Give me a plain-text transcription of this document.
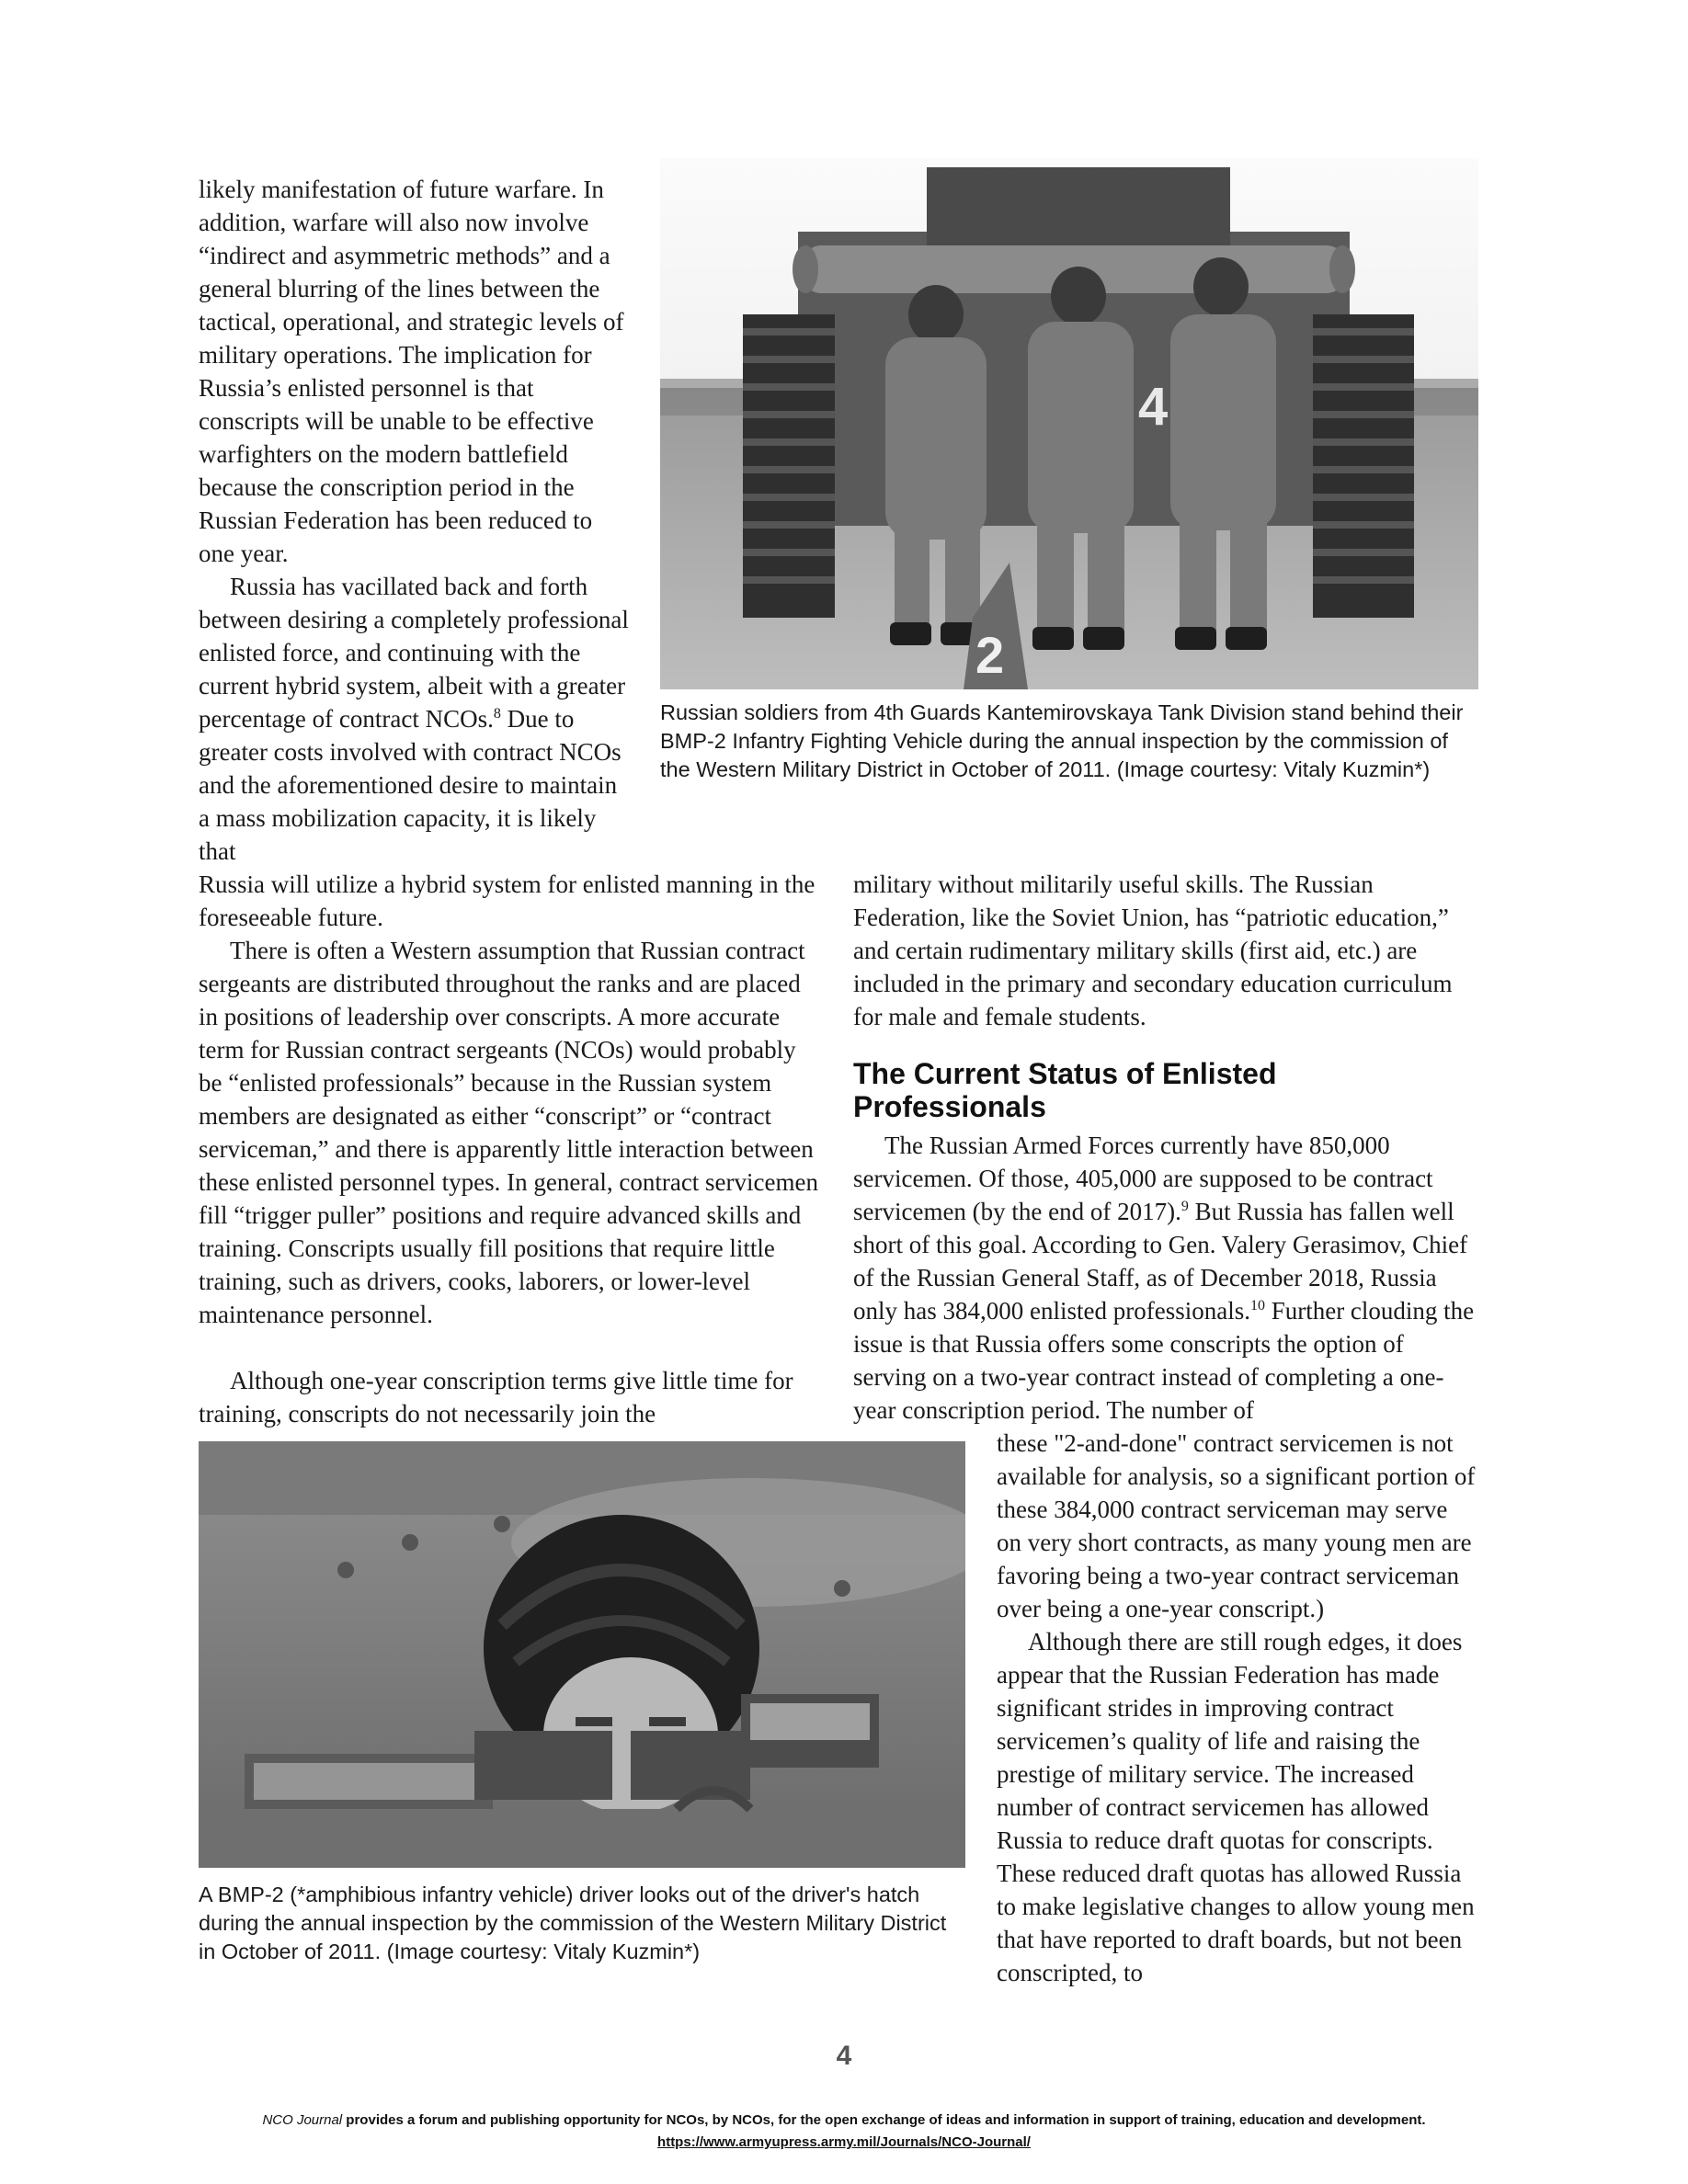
likely manifestation of future warfare. In addition, warfare will also now involve “indirect and asymmetric methods” and a general blurring of the lines between the tactical, operational, and strategic levels of military operations. The implication for Russia’s enlisted personnel is that conscripts will be unable to be effective warfighters on the modern battlefield because the conscription period in the Russian Federation has been reduced to one year.

Russia has vacillated back and forth between desiring a completely professional enlisted force, and continuing with the current hybrid system, albeit with a greater percentage of contract NCOs.$^8$ Due to greater costs involved with contract NCOs and the aforementioned desire to maintain a mass mobilization capacity, it is likely that

Russia will utilize a hybrid system for enlisted manning in the foreseeable future.

There is often a Western assumption that Russian contract sergeants are distributed throughout the ranks and are placed in positions of leadership over conscripts. A more accurate term for Russian contract sergeants (NCOs) would probably be “enlisted professionals” because in the Russian system members are designated as either “conscript” or “contract serviceman,” and there is apparently little interaction between these enlisted personnel types. In general, contract servicemen fill “trigger puller” positions and require advanced skills and training. Conscripts usually fill positions that require little training, such as drivers, cooks, laborers, or lower-level maintenance personnel.

Although one-year conscription terms give little time for training, conscripts do not necessarily join the

4
2

Russian soldiers from 4th Guards Kantemirovskaya Tank Division stand behind their BMP-2 Infantry Fighting Vehicle during the annual inspection by the commission of the Western Military District in October of 2011. (Image courtesy: Vitaly Kuzmin*)

military without militarily useful skills. The Russian Federation, like the Soviet Union, has “patriotic education,” and certain rudimentary military skills (first aid, etc.) are included in the primary and secondary education curriculum for male and female students.

The Current Status of Enlisted Professionals

The Russian Armed Forces currently have 850,000 servicemen. Of those, 405,000 are supposed to be contract servicemen (by the end of 2017).$^9$ But Russia has fallen well short of this goal. According to Gen. Valery Gerasimov, Chief of the Russian General Staff, as of December 2018, Russia only has 384,000 enlisted professionals.$^{10}$ Further clouding the issue is that Russia offers some conscripts the option of serving on a two-year contract instead of completing a one-year conscription period. The number of

these "2-and-done" contract servicemen is not available for analysis, so a significant portion of these 384,000 contract serviceman may serve on very short contracts, as many young men are favoring being a two-year contract serviceman over being a one-year conscript.)

Although there are still rough edges, it does appear that the Russian Federation has made significant strides in improving contract servicemen’s quality of life and raising the prestige of military service. The increased number of contract servicemen has allowed Russia to reduce draft quotas for conscripts. These reduced draft quotas has allowed Russia to make legislative changes to allow young men that have reported to draft boards, but not been conscripted, to

A BMP-2 (*amphibious infantry vehicle) driver looks out of the driver's hatch during the annual inspection by the commission of the Western Military District in October of 2011. (Image courtesy: Vitaly Kuzmin*)

4
NCO Journal provides a forum and publishing opportunity for NCOs, by NCOs, for the open exchange of ideas and information in support of training, education and development.
https://www.armyupress.army.mil/Journals/NCO-Journal/
